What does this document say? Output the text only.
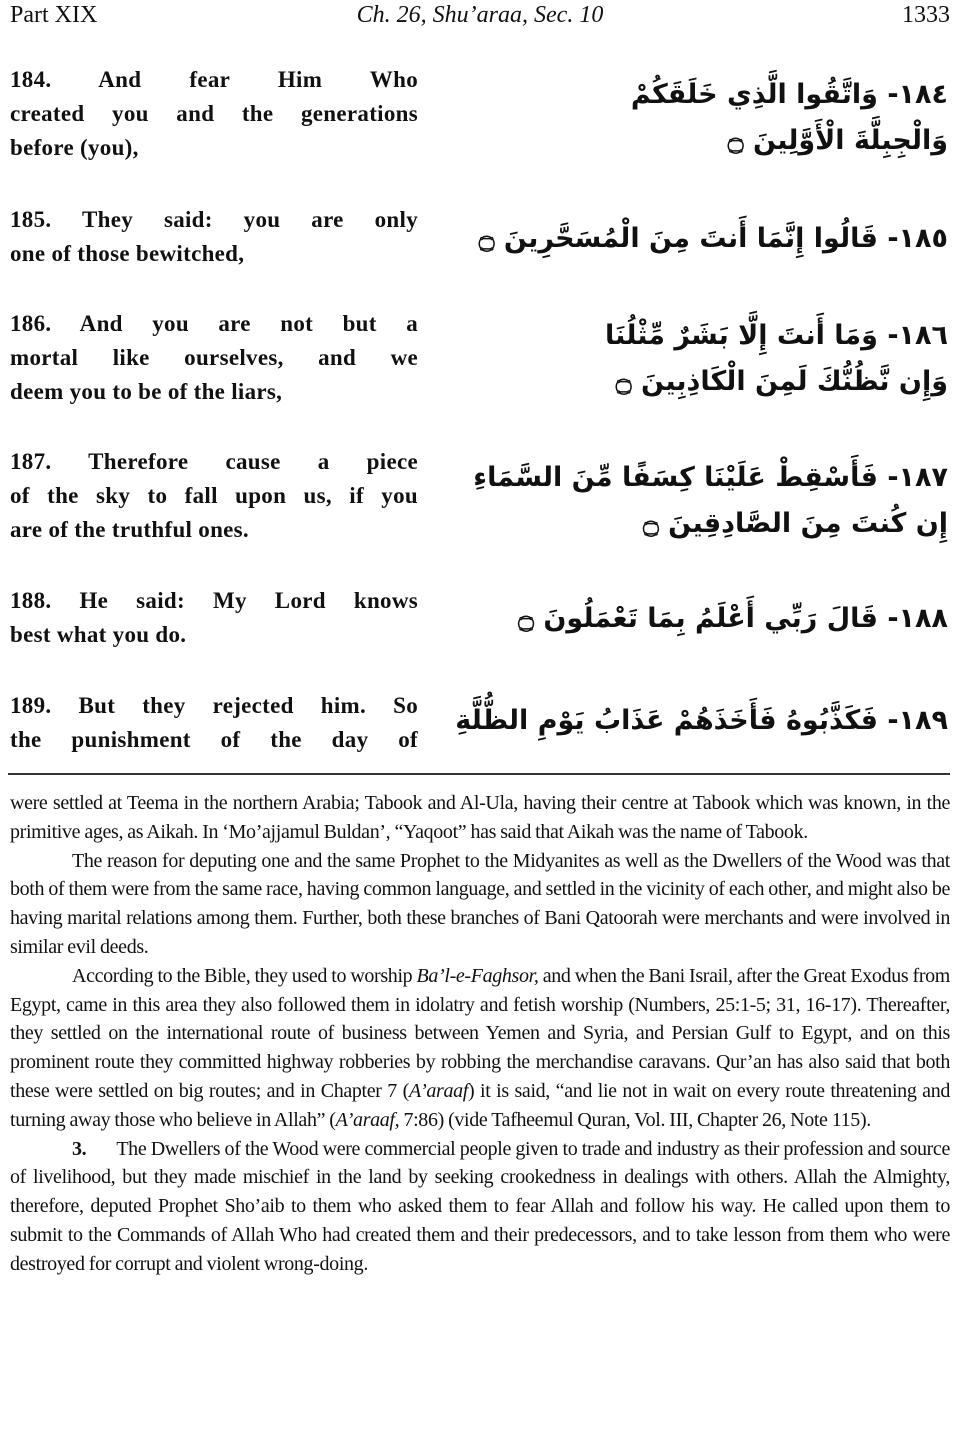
Part XIX	Ch. 26, Shu’araa, Sec. 10	1333
184. And fear Him Who
created you and the generations
before (you),
١٨٤- وَاتَّقُوا الَّذِي خَلَقَكُمْ
وَالْجِبِلَّةَ الْأَوَّلِينَ ۝
185. They said: you are only
one of those bewitched,	١٨٥- قَالُوا إِنَّمَا أَنتَ مِنَ الْمُسَحَّرِينَ ۝
186. And you are not but a
mortal like ourselves, and we
deem you to be of the liars,
١٨٦- وَمَا أَنتَ إِلَّا بَشَرٌ مِّثْلُنَا
وَإِن نَّظُنُّكَ لَمِنَ الْكَاذِبِينَ ۝
187. Therefore cause a piece
of the sky to fall upon us, if you
are of the truthful ones.
١٨٧- فَأَسْقِطْ عَلَيْنَا كِسَفًا مِّنَ السَّمَاءِ
إِن كُنتَ مِنَ الصَّادِقِينَ ۝
188. He said: My Lord knows
best what you do.
١٨٨- قَالَ رَبِّي أَعْلَمُ بِمَا تَعْمَلُونَ ۝
189. But they rejected him. So
the punishment of the day of
١٨٩- فَكَذَّبُوهُ فَأَخَذَهُمْ عَذَابُ يَوْمِ الظُّلَّةِ

were settled at Teema in the northern Arabia; Tabook and Al-Ula, having their centre at Tabook which was known, in the primitive ages, as Aikah. In ‘Mo’ajjamul Buldan’, “Yaqoot” has said that Aikah was the name of Tabook.

The reason for deputing one and the same Prophet to the Midyanites as well as the Dwellers of the Wood was that both of them were from the same race, having common language, and settled in the vicinity of each other, and might also be having marital relations among them. Further, both these branches of Bani Qatoorah were merchants and were involved in similar evil deeds.

According to the Bible, they used to worship Ba’l-e-Faghsor, and when the Bani Israil, after the Great Exodus from Egypt, came in this area they also followed them in idolatry and fetish worship (Numbers, 25:1-5; 31, 16-17). Thereafter, they settled on the international route of business between Yemen and Syria, and Persian Gulf to Egypt, and on this prominent route they committed highway robberies by robbing the merchandise caravans. Qur’an has also said that both these were settled on big routes; and in Chapter 7 (A’araaf) it is said, “and lie not in wait on every route threatening and turning away those who believe in Allah” (A’araaf, 7:86) (vide Tafheemul Quran, Vol. III, Chapter 26, Note 115).

3. The Dwellers of the Wood were commercial people given to trade and industry as their profession and source of livelihood, but they made mischief in the land by seeking crookedness in dealings with others. Allah the Almighty, therefore, deputed Prophet Sho’aib to them who asked them to fear Allah and follow his way. He called upon them to submit to the Commands of Allah Who had created them and their predecessors, and to take lesson from them who were destroyed for corrupt and violent wrong-doing.
